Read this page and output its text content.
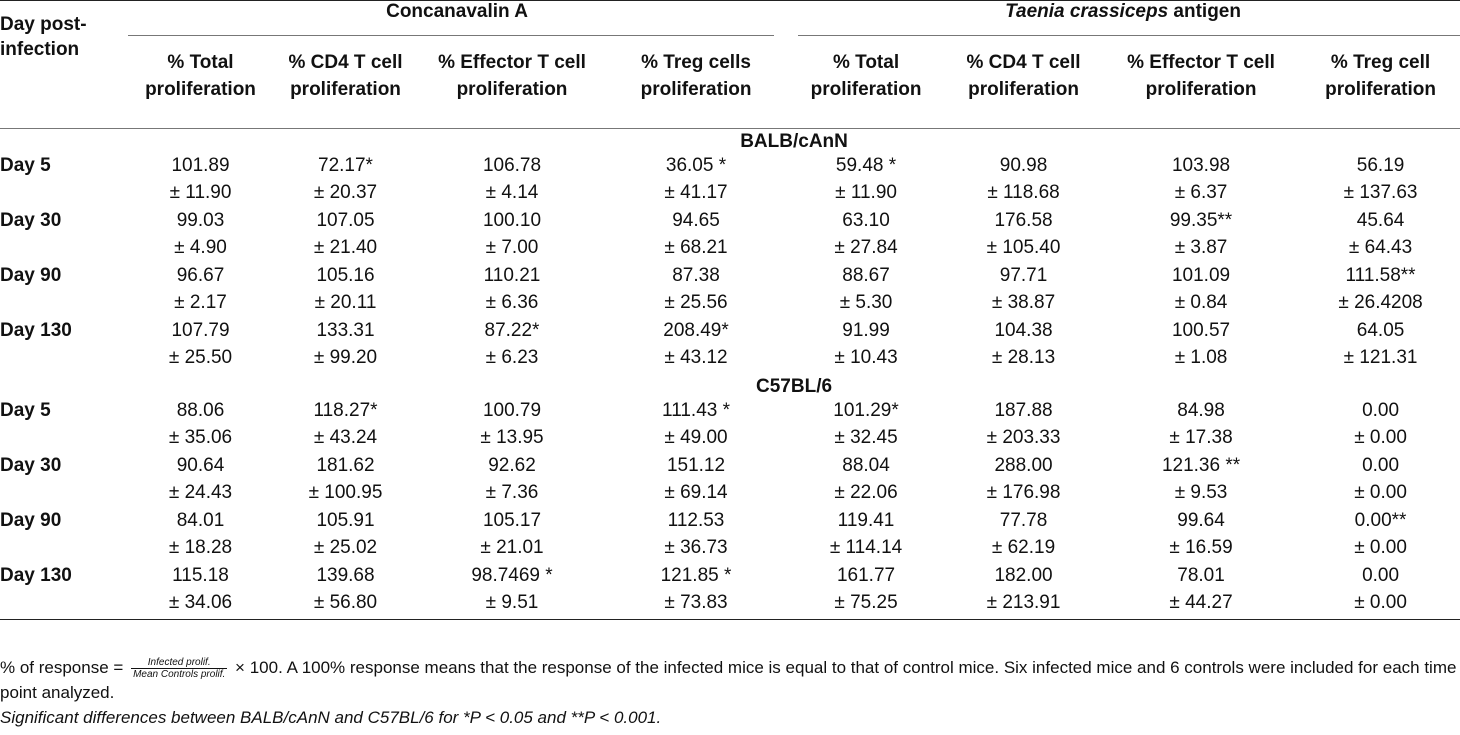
Day post-infection	Concanavalin A				Taenia crassiceps antigen			

	% Total proliferation	% CD4 T cell proliferation	% Effector T cell proliferation	% Treg cells proliferation	% Total proliferation	% CD4 T cell proliferation	% Effector T cell proliferation	% Treg cell proliferation
	BALB/cAnN							
Day 5	101.89	72.17*	106.78	36.05 *	59.48 *	90.98	103.98	56.19
	± 11.90	± 20.37	± 4.14	± 41.17	± 11.90	± 118.68	± 6.37	± 137.63
Day 30	99.03	107.05	100.10	94.65	63.10	176.58	99.35**	45.64
	± 4.90	± 21.40	± 7.00	± 68.21	± 27.84	± 105.40	± 3.87	± 64.43
Day 90	96.67	105.16	110.21	87.38	88.67	97.71	101.09	111.58**
	± 2.17	± 20.11	± 6.36	± 25.56	± 5.30	± 38.87	± 0.84	± 26.4208
Day 130	107.79	133.31	87.22*	208.49*	91.99	104.38	100.57	64.05
	± 25.50	± 99.20	± 6.23	± 43.12	± 10.43	± 28.13	± 1.08	± 121.31
	C57BL/6							
Day 5	88.06	118.27*	100.79	111.43 *	101.29*	187.88	84.98	0.00
	± 35.06	± 43.24	± 13.95	± 49.00	± 32.45	± 203.33	± 17.38	± 0.00
Day 30	90.64	181.62	92.62	151.12	88.04	288.00	121.36 **	0.00
	± 24.43	± 100.95	± 7.36	± 69.14	± 22.06	± 176.98	± 9.53	± 0.00
Day 90	84.01	105.91	105.17	112.53	119.41	77.78	99.64	0.00**
	± 18.28	± 25.02	± 21.01	± 36.73	± 114.14	± 62.19	± 16.59	± 0.00
Day 130	115.18	139.68	98.7469 *	121.85 *	161.77	182.00	78.01	0.00
	± 34.06	± 56.80	± 9.51	± 73.83	± 75.25	± 213.91	± 44.27	± 0.00

% of response = $\frac{\text{Infected prolif.}}{\text{Mean Controls prolif.}} \times 100$. A 100% response means that the response of the infected mice is equal to that of control mice. Six infected mice and 6 controls were included for each time point analyzed.

Significant differences between BALB/cAnN and C57BL/6 for *P < 0.05 and **P < 0.001.
